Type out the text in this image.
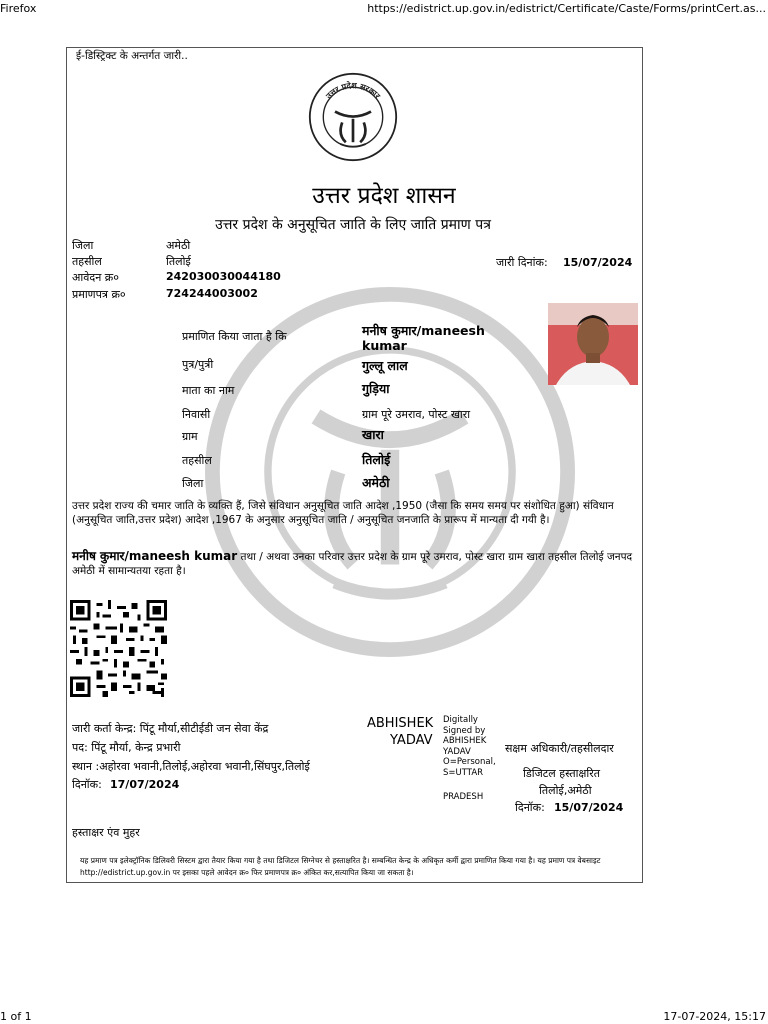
Firefox	https://edistrict.up.gov.in/edistrict/Certificate/Caste/Forms/printCert.as...
1 of 1	17-07-2024, 15:17
ई-डिस्ट्रिक्ट के अन्तर्गत जारी..
उत्तर प्रदेश सरकार
उत्तर प्रदेश शासन
उत्तर प्रदेश के अनुसूचित जाति के लिए जाति प्रमाण पत्र
जिला	अमेठी
तहसील	तिलोई
आवेदन क्र०	242030030044180
प्रमाणपत्र क्र०	724244003002
जारी दिनांक: 15/07/2024
प्रमाणित किया जाता है कि	मनीष कुमार/maneesh
kumar
पुत्र/पुत्री	गुल्लू लाल
माता का नाम	गुड़िया
निवासी	ग्राम पूरे उमराव, पोस्ट खारा
ग्राम	खारा
तहसील	तिलोई
जिला	अमेठी
उत्तर प्रदेश राज्य की चमार जाति के व्यक्ति हैं, जिसे संविधान अनुसूचित जाति आदेश ,1950 (जैसा कि समय समय पर संशोधित हुआ) संविधान (अनुसूचित जाति,उत्तर प्रदेश) आदेश ,1967 के अनुसार अनुसूचित जाति / अनुसूचित जनजाति के प्रारूप में मान्यता दी गयी है।
मनीष कुमार/maneesh kumar तथा / अथवा उनका परिवार उत्तर प्रदेश के ग्राम पूरे उमराव, पोस्ट खारा ग्राम खारा तहसील तिलोई जनपद अमेठी में सामान्यतया रहता है।
जारी कर्ता केन्द्र: पिंटू मौर्या,सीटीईडी जन सेवा केंद्र
पद: पिंटू मौर्या, केन्द्र प्रभारी
स्थान :अहोरवा भवानी,तिलोई,अहोरवा भवानी,सिंघपुर,तिलोई
दिनॉक: 17/07/2024
ABHISHEK
YADAV
Digitally
Signed by
ABHISHEK
YADAV
O=Personal,
S=UTTAR
PRADESH
सक्षम अधिकारी/तहसीलदार
डिजिटल हस्ताक्षरित
तिलोई,अमेठी
दिनॉक: 15/07/2024
हस्ताक्षर एंव मुहर
यह प्रमाण पत्र इलेक्ट्रॉनिक डिलिवरी सिस्टम द्वारा तैयार किया गया है तथा डिजिटल सिग्नेचर से हस्ताक्षरित है। सम्बन्धित केन्द्र के अधिकृत कर्मी द्वारा प्रमाणित किया गया है। यह प्रमाण पत्र वेबसाइट http://edistrict.up.gov.in पर इसका पहले आवेदन क्र० फिर प्रमाणपत्र क्र० अंकित कर,सत्यापित किया जा सकता है।
